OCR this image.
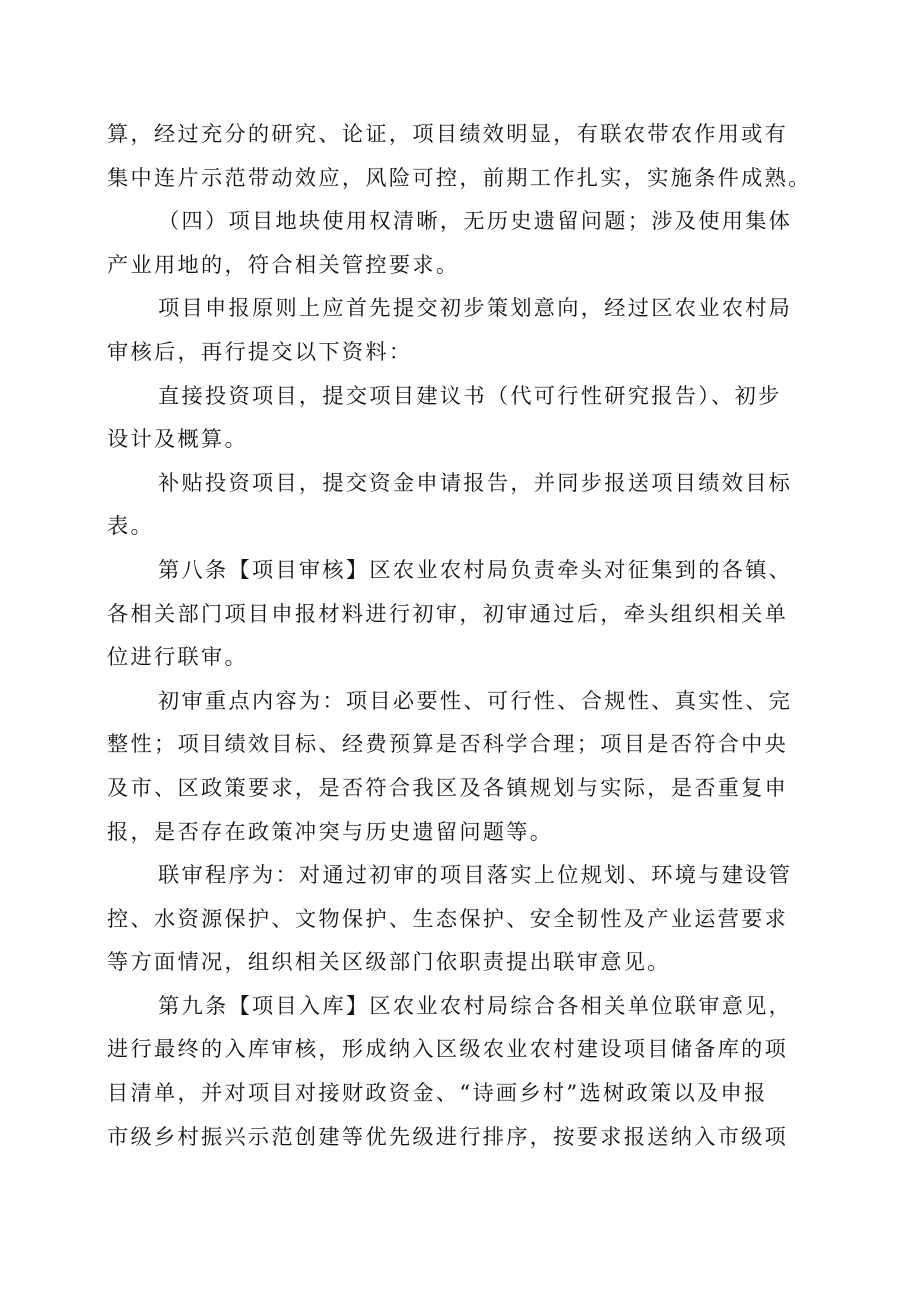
算，经过充分的研究、论证，项目绩效明显，有联农带农作用或有
集中连片示范带动效应，风险可控，前期工作扎实，实施条件成熟。

（四）项目地块使用权清晰，无历史遗留问题；涉及使用集体
产业用地的，符合相关管控要求。

项目申报原则上应首先提交初步策划意向，经过区农业农村局
审核后，再行提交以下资料：

直接投资项目，提交项目建议书（代可行性研究报告）、初步
设计及概算。

补贴投资项目，提交资金申请报告，并同步报送项目绩效目标
表。

第八条【项目审核】区农业农村局负责牵头对征集到的各镇、
各相关部门项目申报材料进行初审，初审通过后，牵头组织相关单
位进行联审。

初审重点内容为：项目必要性、可行性、合规性、真实性、完
整性；项目绩效目标、经费预算是否科学合理；项目是否符合中央
及市、区政策要求，是否符合我区及各镇规划与实际，是否重复申
报，是否存在政策冲突与历史遗留问题等。

联审程序为：对通过初审的项目落实上位规划、环境与建设管
控、水资源保护、文物保护、生态保护、安全韧性及产业运营要求
等方面情况，组织相关区级部门依职责提出联审意见。

第九条【项目入库】区农业农村局综合各相关单位联审意见，
进行最终的入库审核，形成纳入区级农业农村建设项目储备库的项
目清单，并对项目对接财政资金、“诗画乡村”选树政策以及申报
市级乡村振兴示范创建等优先级进行排序，按要求报送纳入市级项
